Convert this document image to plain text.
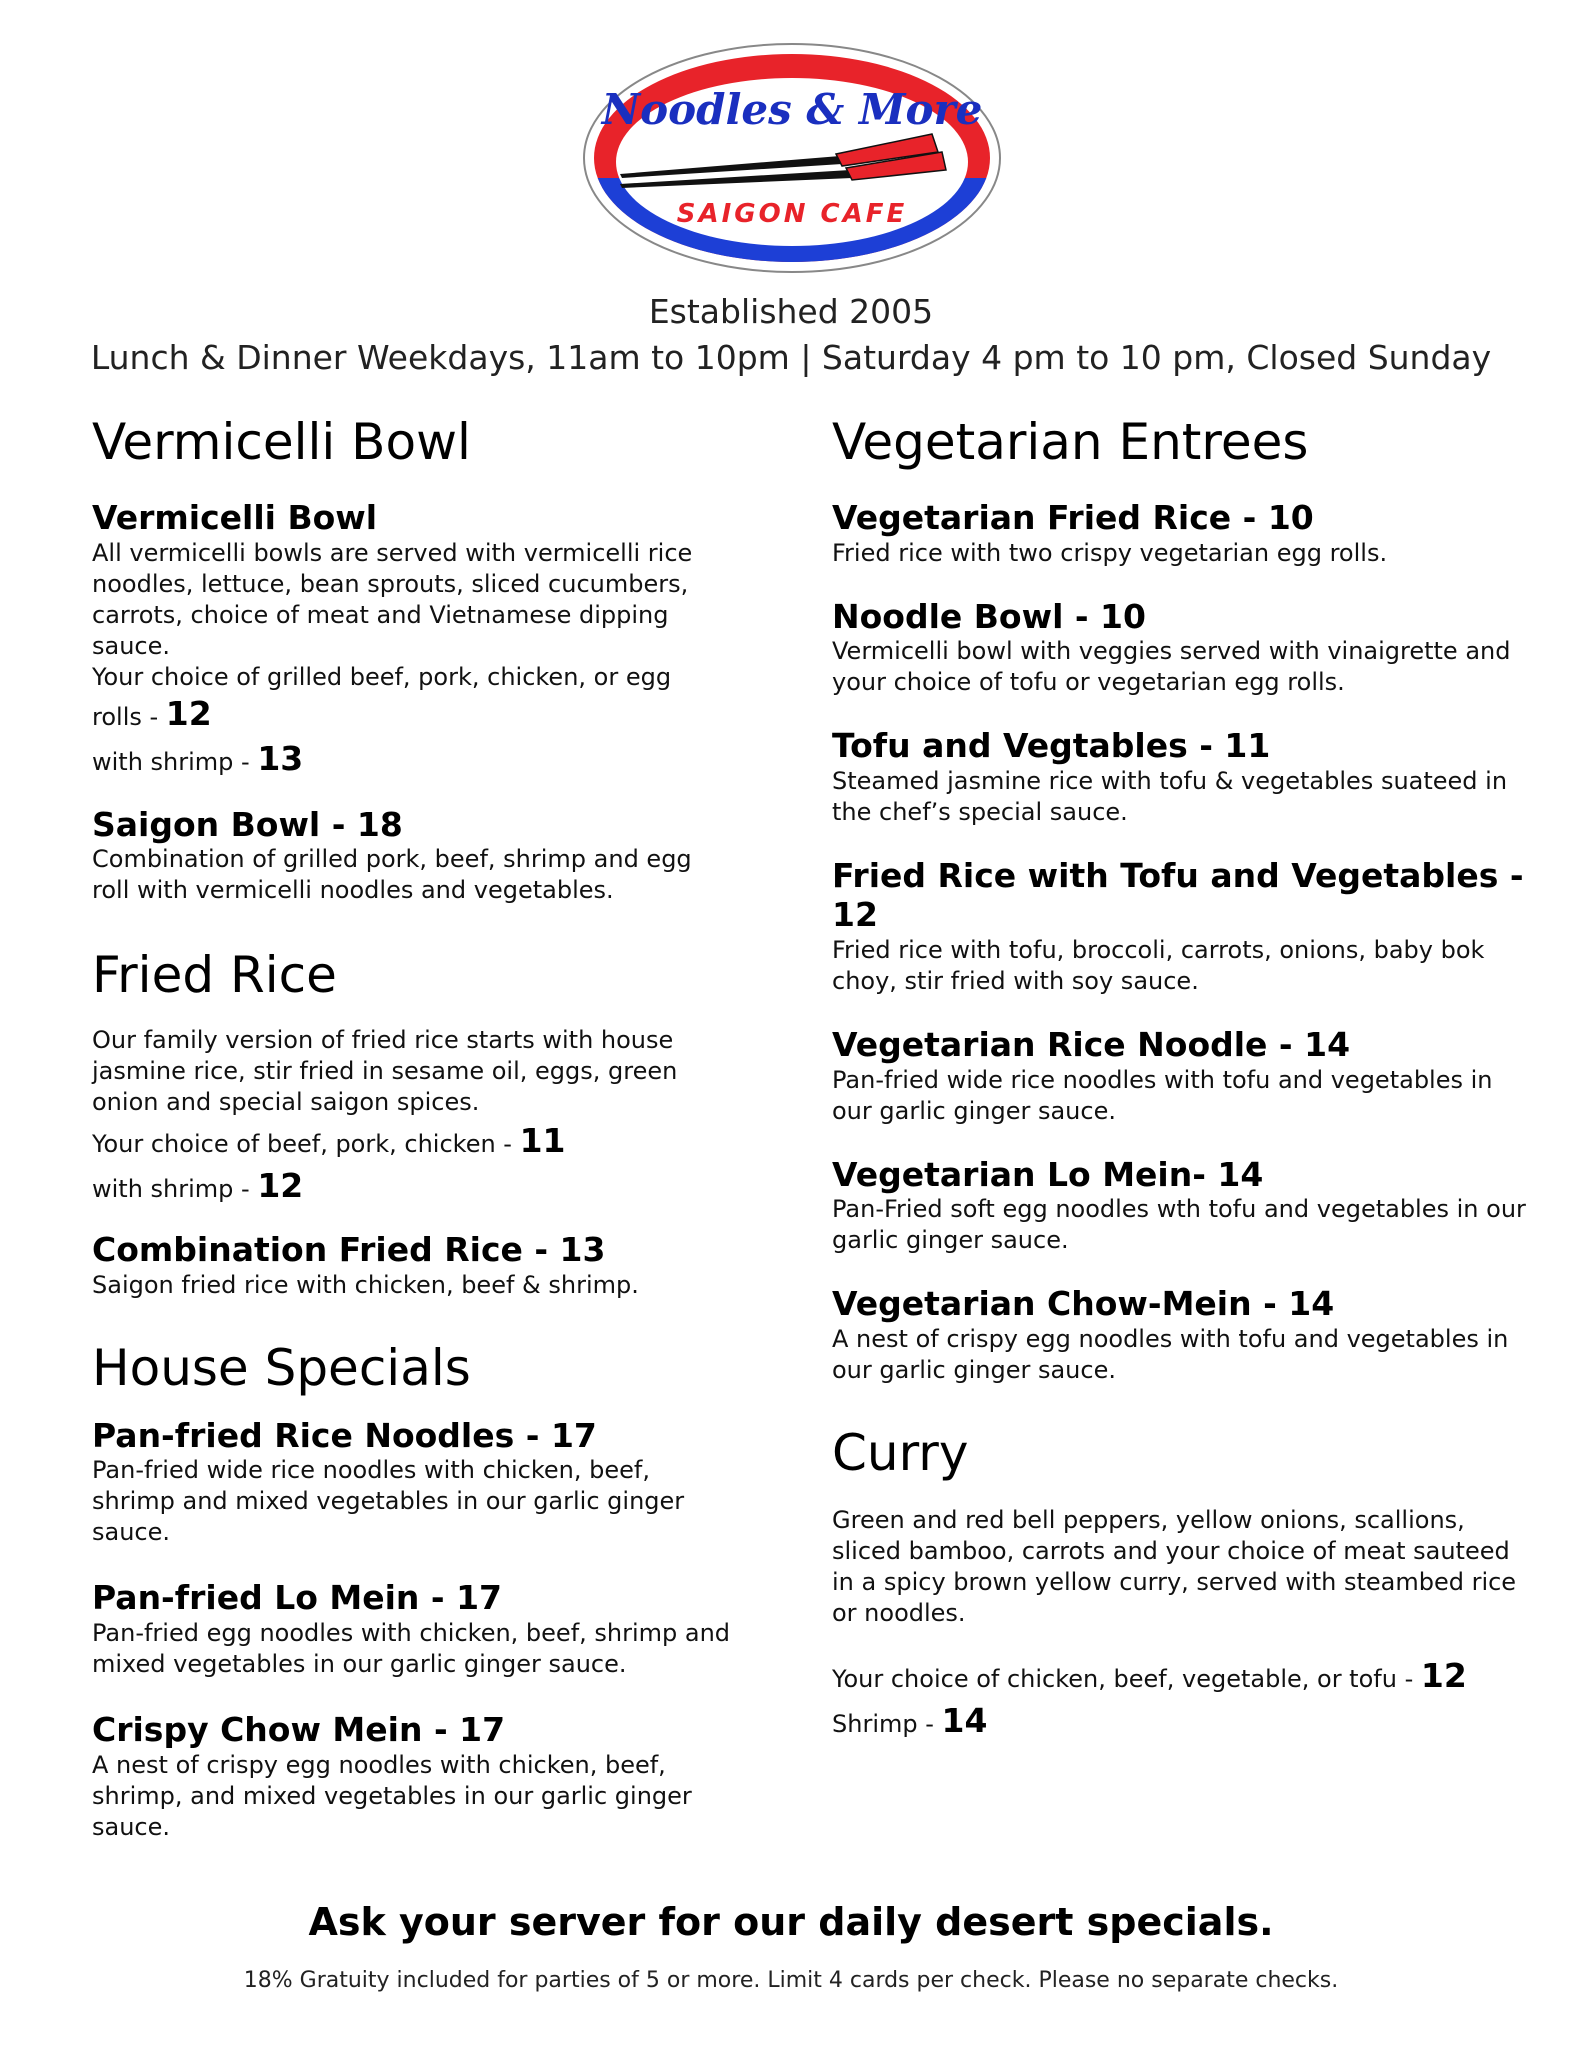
Noodles & More
SAIGON CAFE
Established 2005
Lunch & Dinner Weekdays, 11am to 10pm | Saturday 4 pm to 10 pm, Closed Sunday
Vermicelli Bowl

Vermicelli Bowl

All vermicelli bowls are served with vermicelli rice noodles, lettuce, bean sprouts, sliced cucumbers, carrots, choice of meat and Vietnamese dipping sauce.

Your choice of grilled beef, pork, chicken, or egg

rolls - 12

with shrimp - 13

Saigon Bowl - 18

Combination of grilled pork, beef, shrimp and egg roll with vermicelli noodles and vegetables.

Fried Rice

Our family version of fried rice starts with house jasmine rice, stir fried in sesame oil, eggs, green onion and special saigon spices.

Your choice of beef, pork, chicken - 11

with shrimp - 12

Combination Fried Rice - 13

Saigon fried rice with chicken, beef & shrimp.

House Specials

Pan-fried Rice Noodles - 17

Pan-fried wide rice noodles with chicken, beef, shrimp and mixed vegetables in our garlic ginger sauce.

Pan-fried Lo Mein - 17

Pan-fried egg noodles with chicken, beef, shrimp and mixed vegetables in our garlic ginger sauce.

Crispy Chow Mein - 17

A nest of crispy egg noodles with chicken, beef, shrimp, and mixed vegetables in our garlic ginger sauce.

Vegetarian Entrees

Vegetarian Fried Rice - 10

Fried rice with two crispy vegetarian egg rolls.

Noodle Bowl - 10

Vermicelli bowl with veggies served with vinaigrette and your choice of tofu or vegetarian egg rolls.

Tofu and Vegtables - 11

Steamed jasmine rice with tofu & vegetables suateed in the chef’s special sauce.

Fried Rice with Tofu and Vegetables - 12

Fried rice with tofu, broccoli, carrots, onions, baby bok choy, stir fried with soy sauce.

Vegetarian Rice Noodle - 14

Pan-fried wide rice noodles with tofu and vegetables in our garlic ginger sauce.

Vegetarian Lo Mein- 14

Pan-Fried soft egg noodles wth tofu and vegetables in our garlic ginger sauce.

Vegetarian Chow-Mein - 14

A nest of crispy egg noodles with tofu and vegetables in our garlic ginger sauce.

Curry

Green and red bell peppers, yellow onions, scallions, sliced bamboo, carrots and your choice of meat sauteed in a spicy brown yellow curry, served with steambed rice or noodles.

Your choice of chicken, beef, vegetable, or tofu - 12

Shrimp - 14

Ask your server for our daily desert specials.
18% Gratuity included for parties of 5 or more. Limit 4 cards per check. Please no separate checks.
